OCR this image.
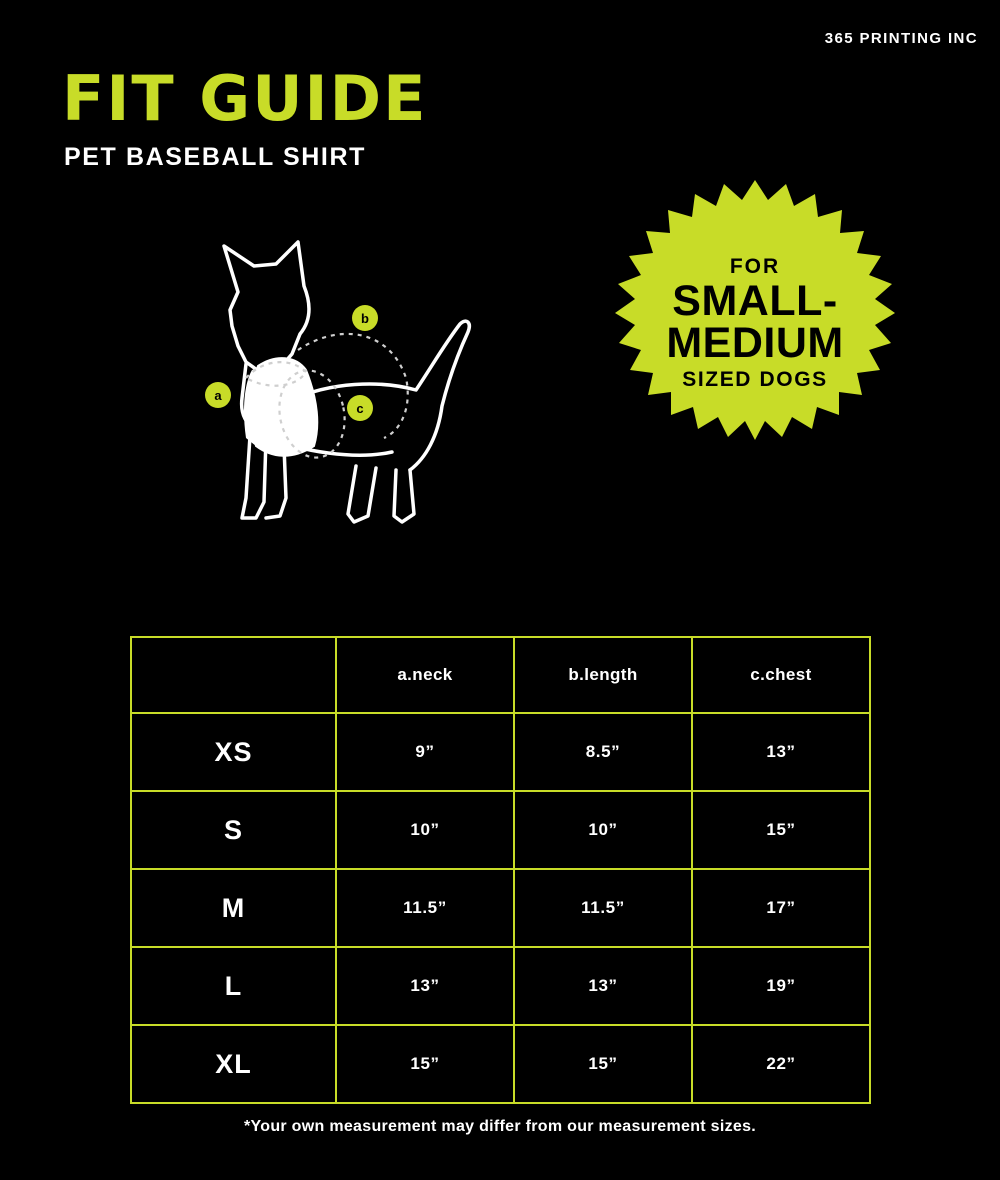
365 PRINTING INC
FIT GUIDE
PET BASEBALL SHIRT
a
b
c
FOR
SMALL-
MEDIUM
SIZED DOGS
	a.neck	b.length	c.chest
XS	9”	8.5”	13”
S	10”	10”	15”
M	11.5”	11.5”	17”
L	13”	13”	19”
XL	15”	15”	22”
*Your own measurement may differ from our measurement sizes.
